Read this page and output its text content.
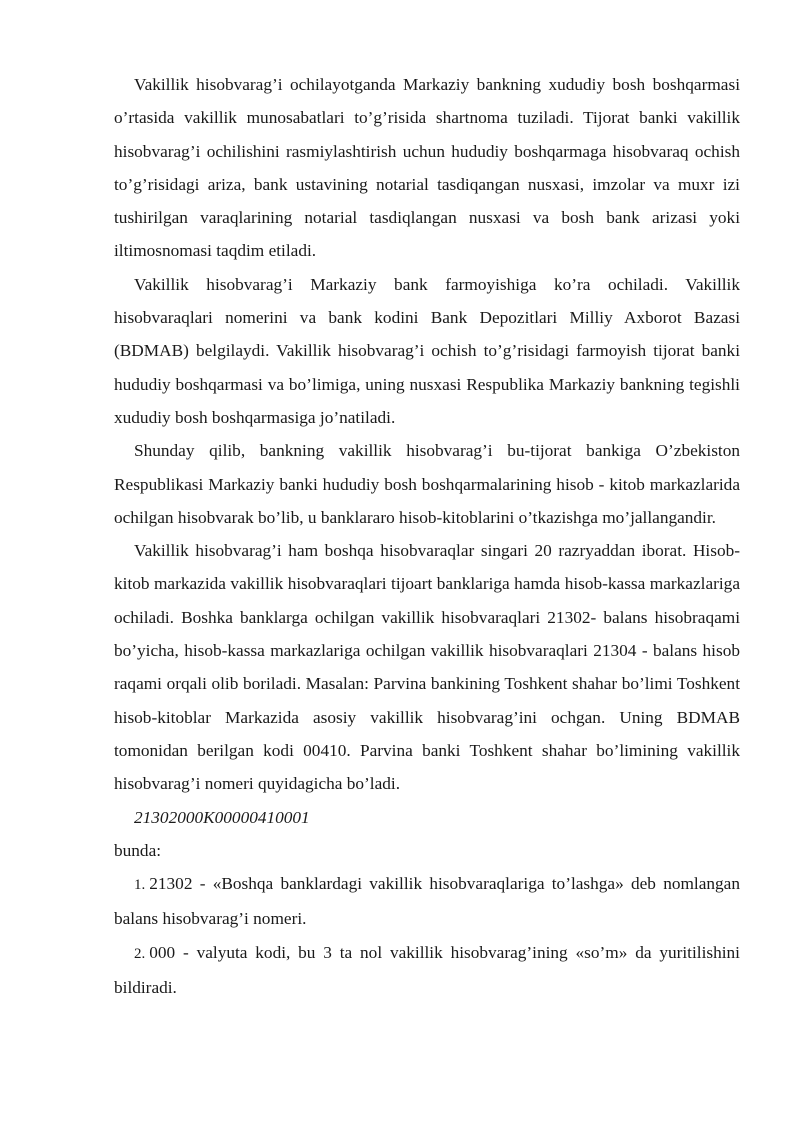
Vakillik hisobvarag’i ochilayotganda Markaziy bankning xududiy bosh boshqarmasi o’rtasida vakillik munosabatlari to’g’risida shartnoma tuziladi. Tijorat banki vakillik hisobvarag’i ochilishini rasmiylashtirish uchun hududiy boshqarmaga hisobvaraq ochish to’g’risidagi ariza, bank ustavining notarial tasdiqangan nusxasi, imzolar va muxr izi tushirilgan varaqlarining notarial tasdiqlangan nusxasi va bosh bank arizasi yoki iltimosnomasi taqdim etiladi.

Vakillik hisobvarag’i Markaziy bank farmoyishiga ko’ra ochiladi. Vakillik hisobvaraqlari nomerini va bank kodini Bank Depozitlari Milliy Axborot Bazasi (BDMAB) belgilaydi. Vakillik hisobvarag’i ochish to’g’risidagi farmoyish tijorat banki hududiy boshqarmasi va bo’limiga, uning nusxasi Respublika Markaziy bankning tegishli xududiy bosh boshqarmasiga jo’natiladi.

Shunday qilib, bankning vakillik hisobvarag’i bu-tijorat bankiga O’zbekiston Respublikasi Markaziy banki hududiy bosh boshqarmalarining hisob - kitob markazlarida ochilgan hisobvarak bo’lib, u banklararo hisob-kitoblarini o’tkazishga mo’jallangandir.

Vakillik hisobvarag’i ham boshqa hisobvaraqlar singari 20 razryaddan iborat. Hisob-kitob markazida vakillik hisobvaraqlari tijoart banklariga hamda hisob-kassa markazlariga ochiladi. Boshka banklarga ochilgan vakillik hisobvaraqlari 21302- balans hisobraqami bo’yicha, hisob-kassa markazlariga ochilgan vakillik hisobvaraqlari 21304 - balans hisob raqami orqali olib boriladi. Masalan: Parvina bankining Toshkent shahar bo’limi Toshkent hisob-kitoblar Markazida asosiy vakillik hisobvarag’ini ochgan. Uning BDMAB tomonidan berilgan kodi 00410. Parvina banki Toshkent shahar bo’limining vakillik hisobvarag’i nomeri quyidagicha bo’ladi.

21302000K00000410001

bunda:

1. 21302 - «Boshqa banklardagi vakillik hisobvaraqlariga to’lashga» deb nomlangan balans hisobvarag’i nomeri.

2. 000 - valyuta kodi, bu 3 ta nol vakillik hisobvarag’ining «so’m» da yuritilishini bildiradi.
